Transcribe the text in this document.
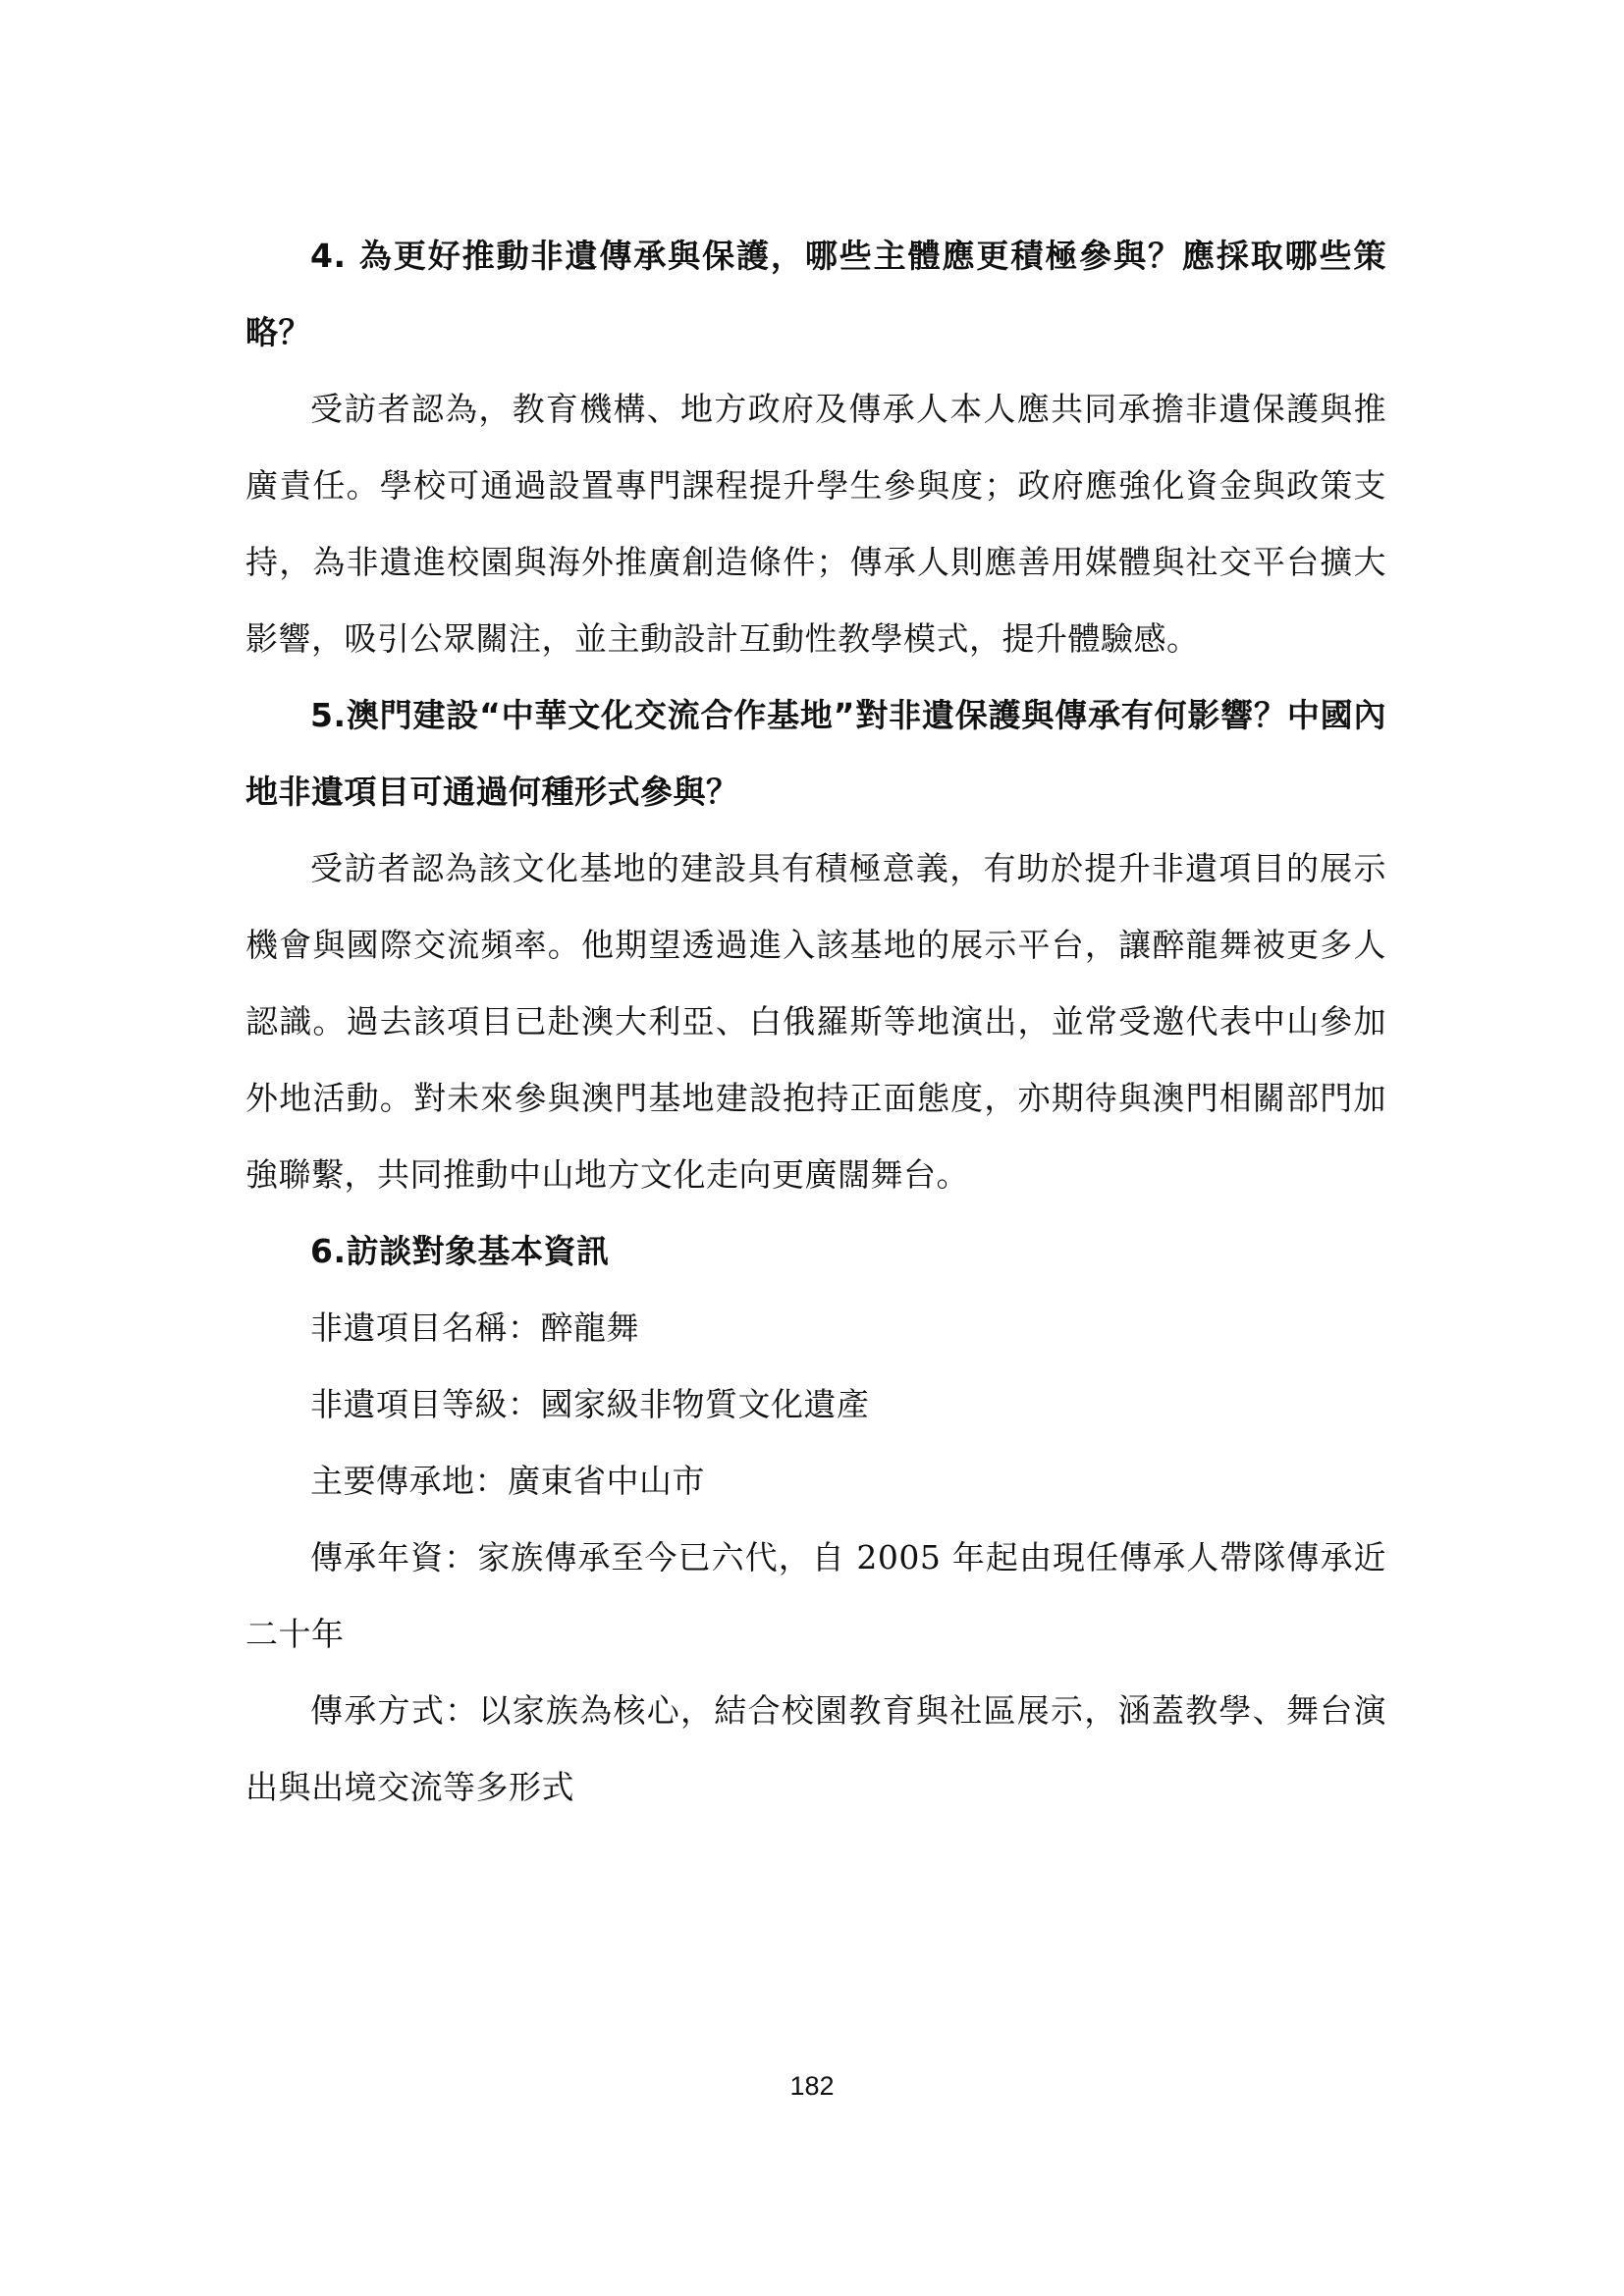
4. 為更好推動非遺傳承與保護，哪些主體應更積極參與？應採取哪些策略？

受訪者認為，教育機構、地方政府及傳承人本人應共同承擔非遺保護與推廣責任。學校可通過設置專門課程提升學生參與度；政府應強化資金與政策支持，為非遺進校園與海外推廣創造條件；傳承人則應善用媒體與社交平台擴大影響，吸引公眾關注，並主動設計互動性教學模式，提升體驗感。

5.澳門建設“中華文化交流合作基地”對非遺保護與傳承有何影響？中國內地非遺項目可通過何種形式參與？

受訪者認為該文化基地的建設具有積極意義，有助於提升非遺項目的展示機會與國際交流頻率。他期望透過進入該基地的展示平台，讓醉龍舞被更多人認識。過去該項目已赴澳大利亞、白俄羅斯等地演出，並常受邀代表中山參加外地活動。對未來參與澳門基地建設抱持正面態度，亦期待與澳門相關部門加強聯繫，共同推動中山地方文化走向更廣闊舞台。

6.訪談對象基本資訊

非遺項目名稱：醉龍舞

非遺項目等級：國家級非物質文化遺產

主要傳承地：廣東省中山市

傳承年資：家族傳承至今已六代，自 2005 年起由現任傳承人帶隊傳承近二十年

傳承方式：以家族為核心，結合校園教育與社區展示，涵蓋教學、舞台演出與出境交流等多形式

182
